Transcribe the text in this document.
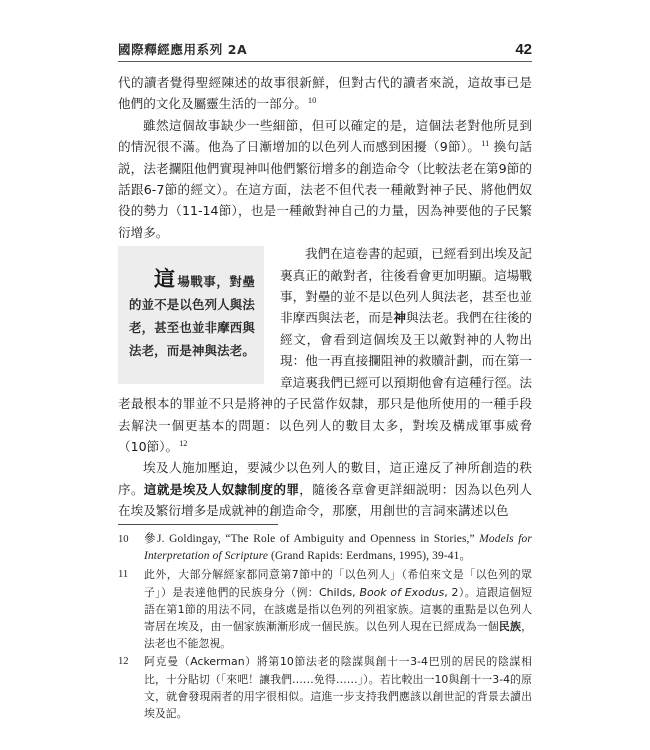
國際釋經應用系列 2A	42

代的讀者覺得聖經陳述的故事很新鮮，但對古代的讀者來説，這故事已是他們的文化及屬靈生活的一部分。$^{10}$

雖然這個故事缺少一些細節，但可以確定的是，這個法老對他所見到的情況很不滿。他為了日漸增加的以色列人而感到困擾（9節）。$^{11}$ 換句話説，法老攔阻他們實現神叫他們繁衍增多的創造命令（比較法老在第9節的話跟6-7節的經文）。在這方面，法老不但代表一種敵對神子民、將他們奴役的勢力（11-14節），也是一種敵對神自己的力量，因為神要他的子民繁衍增多。

這場戰事，對壘的並不是以色列人與法老，甚至也並非摩西與法老，而是神與法老。
我們在這卷書的起頭，已經看到出埃及記裏真正的敵對者，往後看會更加明顯。這場戰事，對壘的並不是以色列人與法老，甚至也並非摩西與法老，而是神與法老。我們在往後的經文，會看到這個埃及王以敵對神的人物出現：他一再直接攔阻神的救贖計劃，而在第一章這裏我們已經可以預期他會有這種行徑。法老最根本的罪並不只是將神的子民當作奴隸，那只是他所使用的一種手段去解決一個更基本的問題：以色列人的數目太多，對埃及構成軍事威脅（10節）。$^{12}$

埃及人施加壓迫，要減少以色列人的數目，這正違反了神所創造的秩序。這就是埃及人奴隸制度的罪，隨後各章會更詳細説明：因為以色列人在埃及繁衍增多是成就神的創造命令，那麼，用創世的言詞來講述以色

10	參J. Goldingay, “The Role of Ambiguity and Openness in Stories,” Models for Interpretation of Scripture (Grand Rapids: Eerdmans, 1995), 39-41。
11	此外，大部分解經家都同意第7節中的「以色列人」（希伯來文是「以色列的眾子」）是表達他們的民族身分（例：Childs, Book of Exodus, 2）。這跟這個短語在第1節的用法不同，在該處是指以色列的列祖家族。這裏的重點是以色列人寄居在埃及，由一個家族漸漸形成一個民族。以色列人現在已經成為一個民族，法老也不能忽視。
12	阿克曼（Ackerman）將第10節法老的陰謀與創十一3-4巴別的居民的陰謀相比，十分貼切（「來吧！讓我們……免得……」）。若比較出一10與創十一3-4的原文，就會發現兩者的用字很相似。這進一步支持我們應該以創世記的背景去讀出埃及記。
